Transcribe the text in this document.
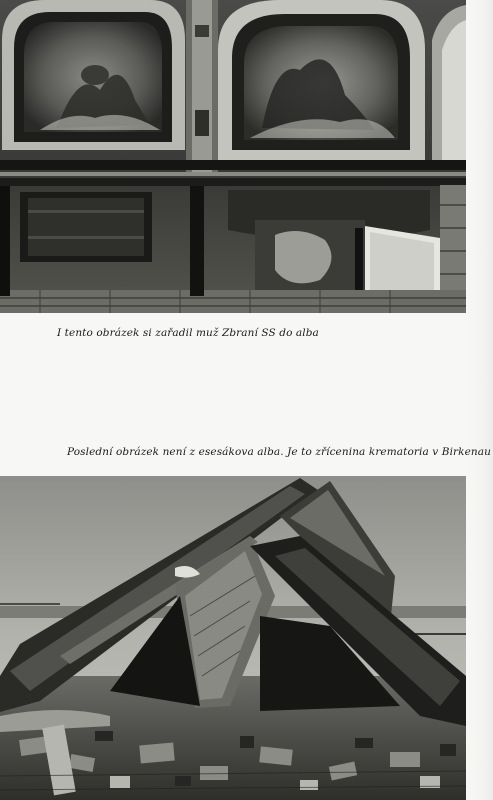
I tento obrázek si zařadil muž Zbraní SS do alba
Poslední obrázek není z esesákova alba. Je to zřícenina krematoria v Birkenau
